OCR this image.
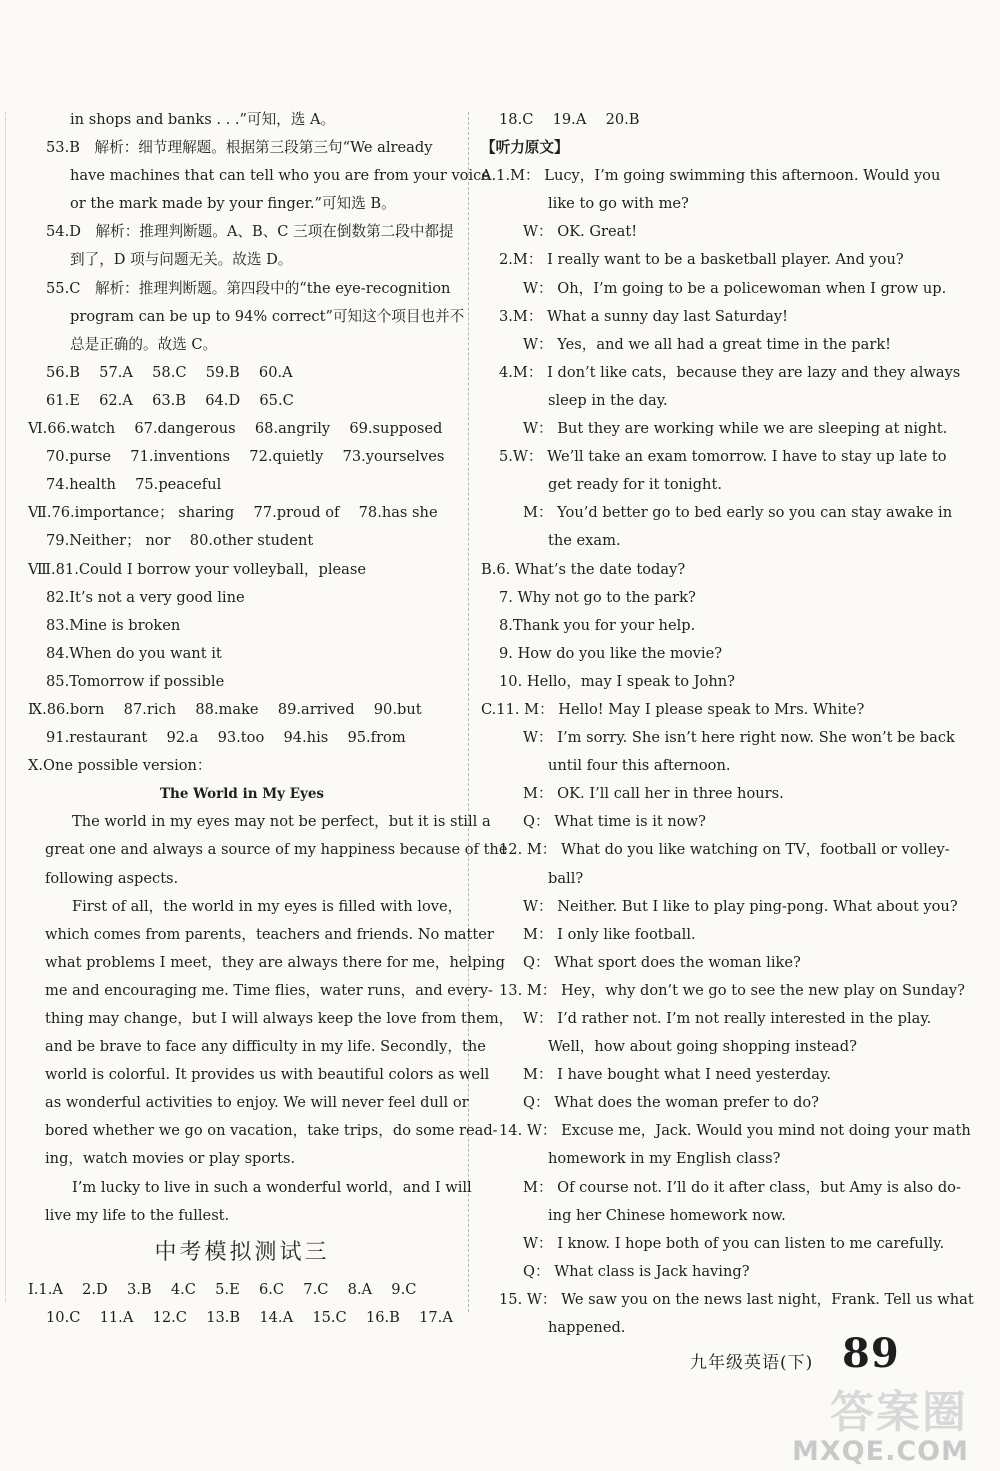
in shops and banks . . .”可知，选 A。
53.B　解析：细节理解题。根据第三段第三句“We already
have machines that can tell who you are from your voice
or the mark made by your finger.”可知选 B。
54.D　解析：推理判断题。A、B、C 三项在倒数第二段中都提
到了，D 项与问题无关。故选 D。
55.C　解析：推理判断题。第四段中的“the eye-recognition
program can be up to 94% correct”可知这个项目也并不
总是正确的。故选 C。
56.B　 57.A　 58.C　 59.B　 60.A
61.E　 62.A　 63.B　 64.D　 65.C
Ⅵ.66.watch　 67.dangerous　 68.angrily　 69.supposed
70.purse　 71.inventions　 72.quietly　 73.yourselves
74.health　 75.peaceful
Ⅶ.76.importance； sharing　 77.proud of　 78.has she
79.Neither； nor　 80.other student
Ⅷ.81.Could I borrow your volleyball，please
82.It’s not a very good line
83.Mine is broken
84.When do you want it
85.Tomorrow if possible
Ⅸ.86.born　 87.rich　 88.make　 89.arrived　 90.but
91.restaurant　 92.a　 93.too　 94.his　 95.from
Ⅹ.One possible version：
The World in My Eyes
The world in my eyes may not be perfect，but it is still a
great one and always a source of my happiness because of the
following aspects.
First of all，the world in my eyes is filled with love，
which comes from parents，teachers and friends. No matter
what problems I meet，they are always there for me，helping
me and encouraging me. Time flies，water runs，and every-
thing may change，but I will always keep the love from them，
and be brave to face any difficulty in my life. Secondly，the
world is colorful. It provides us with beautiful colors as well
as wonderful activities to enjoy. We will never feel dull or
bored whether we go on vacation，take trips，do some read-
ing，watch movies or play sports.
I’m lucky to live in such a wonderful world，and I will
live my life to the fullest.
中考模拟测试三
Ⅰ.1.A　 2.D　 3.B　 4.C　 5.E　 6.C　 7.C　 8.A　 9.C
10.C　 11.A　 12.C　 13.B　 14.A　 15.C　 16.B　 17.A
18.C　 19.A　 20.B
【听力原文】
A.1.M： Lucy，I’m going swimming this afternoon. Would you
like to go with me?
W： OK. Great!
2.M： I really want to be a basketball player. And you?
W： Oh，I’m going to be a policewoman when I grow up.
3.M： What a sunny day last Saturday!
W： Yes，and we all had a great time in the park!
4.M： I don’t like cats，because they are lazy and they always
sleep in the day.
W： But they are working while we are sleeping at night.
5.W： We’ll take an exam tomorrow. I have to stay up late to
get ready for it tonight.
M： You’d better go to bed early so you can stay awake in
the exam.
B.6. What’s the date today?
7. Why not go to the park?
8.Thank you for your help.
9. How do you like the movie?
10. Hello，may I speak to John?
C.11. M： Hello! May I please speak to Mrs. White?
W： I’m sorry. She isn’t here right now. She won’t be back
until four this afternoon.
M： OK. I’ll call her in three hours.
Q： What time is it now?
12. M： What do you like watching on TV，football or volley-
ball?
W： Neither. But I like to play ping-pong. What about you?
M： I only like football.
Q： What sport does the woman like?
13. M： Hey，why don’t we go to see the new play on Sunday?
W： I’d rather not. I’m not really interested in the play.
Well，how about going shopping instead?
M： I have bought what I need yesterday.
Q： What does the woman prefer to do?
14. W： Excuse me，Jack. Would you mind not doing your math
homework in my English class?
M： Of course not. I’ll do it after class，but Amy is also do-
ing her Chinese homework now.
W： I know. I hope both of you can listen to me carefully.
Q： What class is Jack having?
15. W： We saw you on the news last night，Frank. Tell us what
happened.
九年级英语(下) 89
答案圈
MXQE.COM
